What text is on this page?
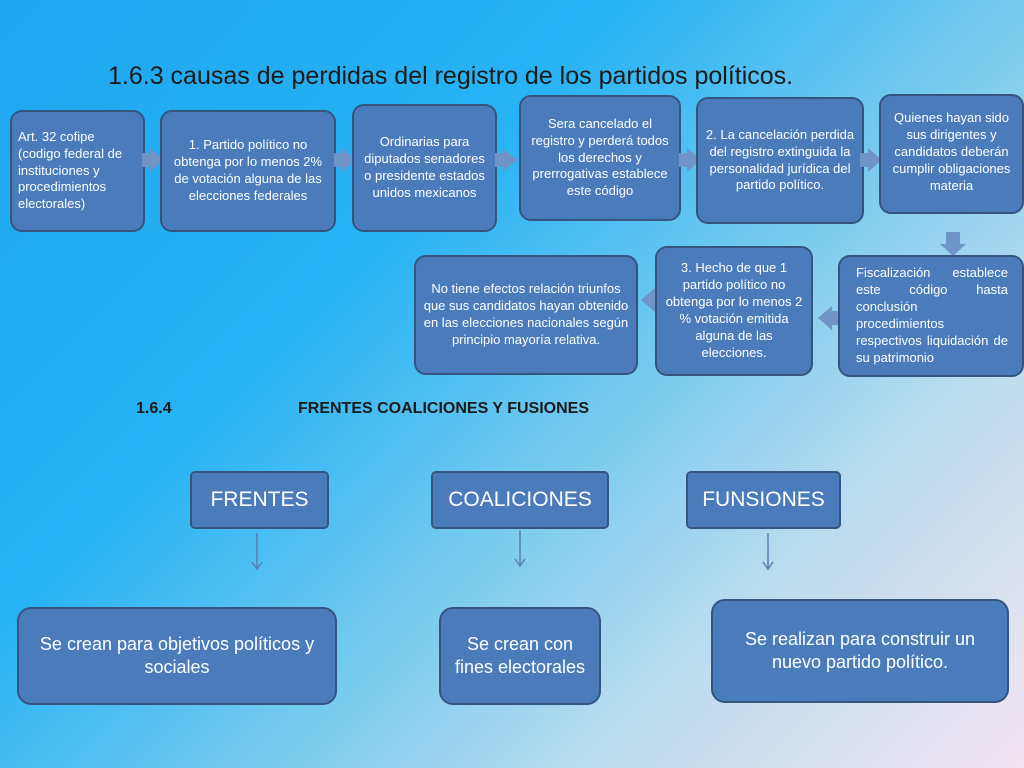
1.6.3 causas de perdidas del registro de los partidos políticos.
Art. 32 cofipe (codigo federal de instituciones y procedimientos electorales)
1. Partido político no obtenga por lo menos 2% de votación alguna de las elecciones federales
Ordinarias para diputados senadores o presidente estados unidos mexicanos
Sera cancelado el registro y perderá todos los derechos y prerrogativas establece este código
2. La cancelación perdida del registro extinguida la personalidad jurídica del partido político.
Quienes hayan sido sus dirigentes y candidatos deberán cumplir obligaciones materia
No tiene efectos relación triunfos que sus candidatos hayan obtenido en las elecciones nacionales según principio mayoría relativa.
3. Hecho de que 1 partido político no obtenga por lo menos 2 % votación emitida alguna de las elecciones.
Fiscalización establece este código hasta conclusión procedimientos respectivos liquidación de su patrimonio
1.6.4	FRENTES COALICIONES Y FUSIONES
FRENTES	COALICIONES	FUNSIONES
Se crean para objetivos políticos y sociales
Se crean con fines electorales
Se realizan para construir un nuevo partido político.
